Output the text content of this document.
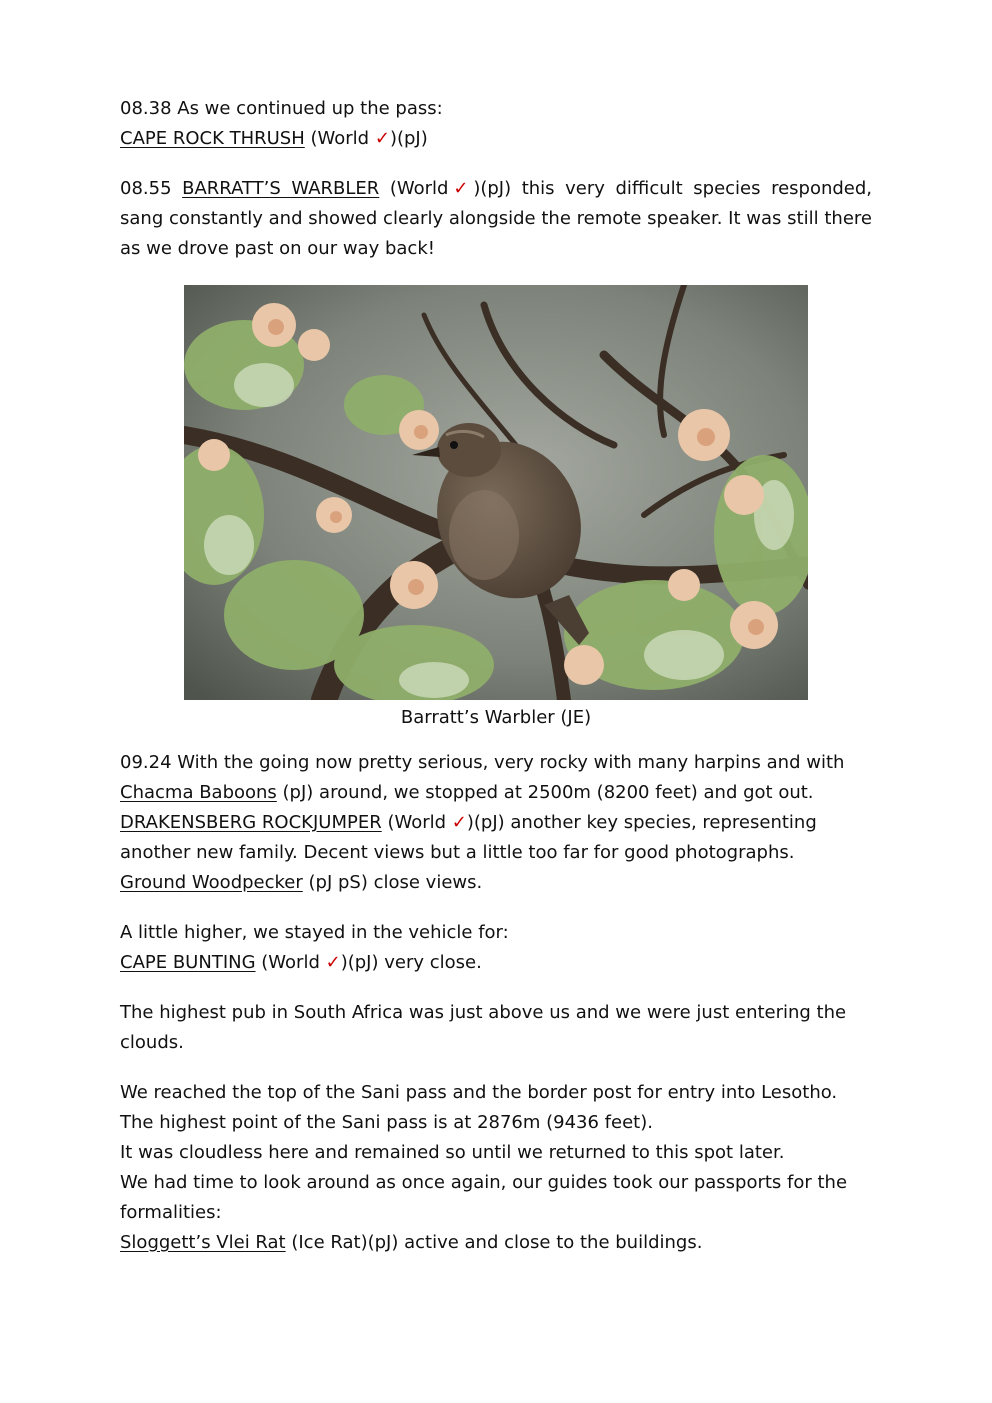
08.38 As we continued up the pass:

CAPE ROCK THRUSH (World ✓)(pJ)

08.55 BARRATT’S WARBLER (World✓)(pJ) this very difficult species responded, sang constantly and showed clearly alongside the remote speaker. It was still there as we drove past on our way back!

Barratt’s Warbler (JE)

09.24 With the going now pretty serious, very rocky with many harpins and with

Chacma Baboons (pJ) around, we stopped at 2500m (8200 feet) and got out.

DRAKENSBERG ROCKJUMPER (World ✓)(pJ) another key species, representing

another new family. Decent views but a little too far for good photographs.

Ground Woodpecker (pJ pS) close views.

A little higher, we stayed in the vehicle for:

CAPE BUNTING (World ✓)(pJ) very close.

The highest pub in South Africa was just above us and we were just entering the

clouds.

We reached the top of the Sani pass and the border post for entry into Lesotho.

The highest point of the Sani pass is at 2876m (9436 feet).

It was cloudless here and remained so until we returned to this spot later.

We had time to look around as once again, our guides took our passports for the

formalities:

Sloggett’s Vlei Rat (Ice Rat)(pJ) active and close to the buildings.
